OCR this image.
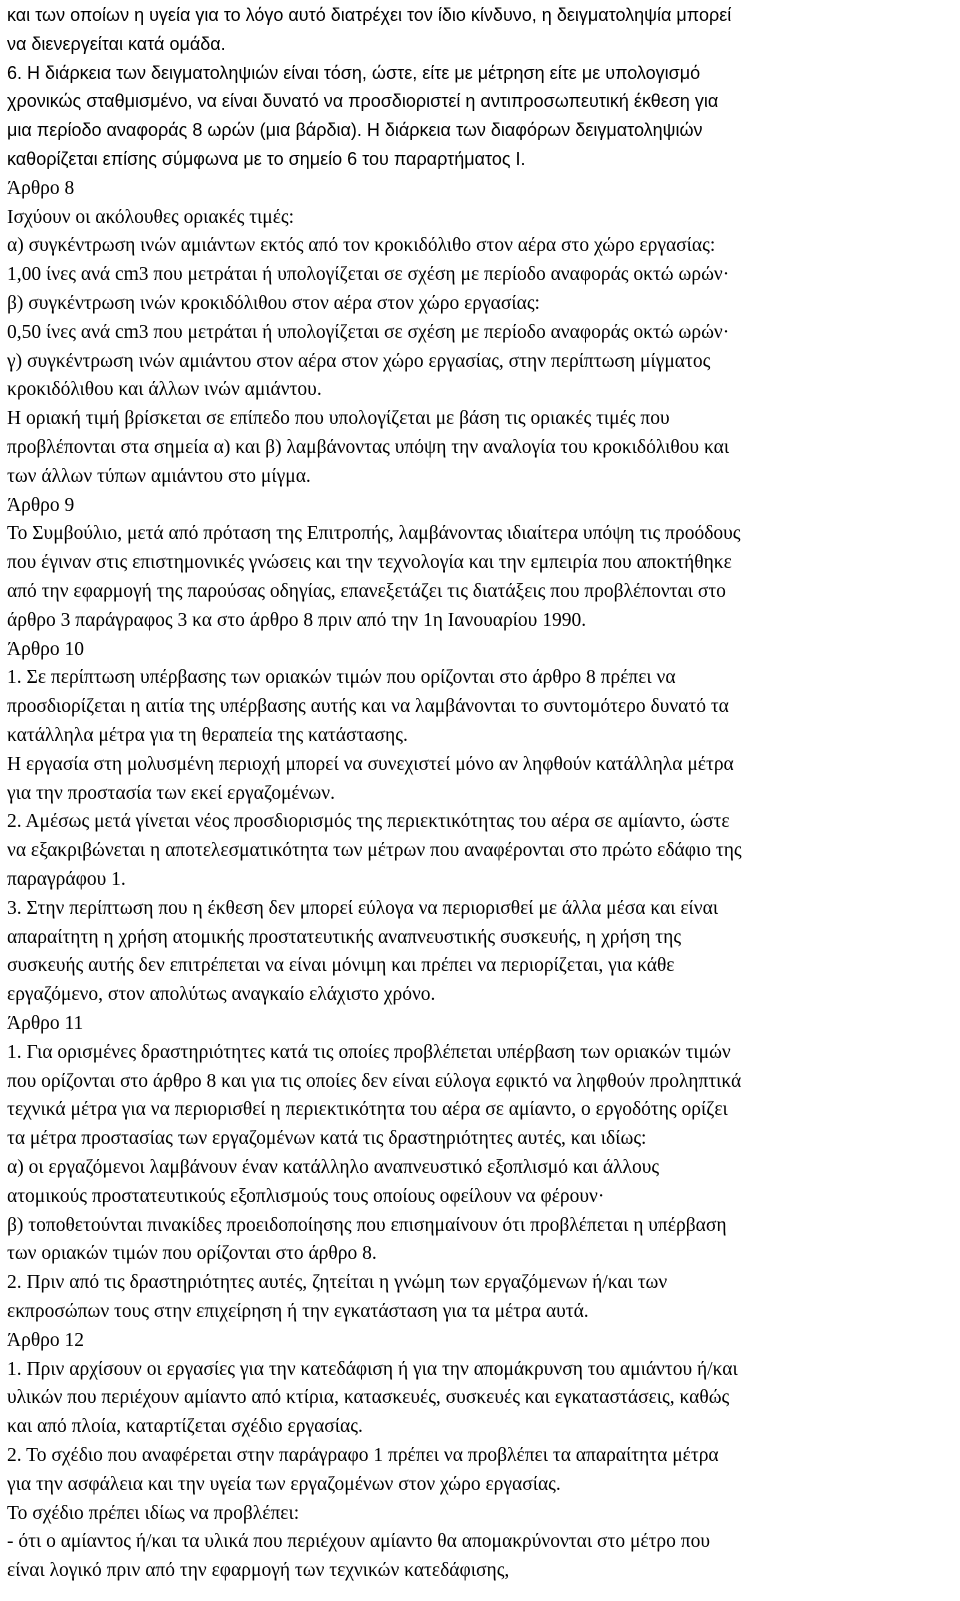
και των οποίων η υγεία για το λόγο αυτό διατρέχει τον ίδιο κίνδυνο, η δειγματοληψία μπορεί
να διενεργείται κατά ομάδα.
6. Η διάρκεια των δειγματοληψιών είναι τόση, ώστε, είτε με μέτρηση είτε με υπολογισμό
χρονικώς σταθμισμένο, να είναι δυνατό να προσδιοριστεί η αντιπροσωπευτική έκθεση για
μια περίοδο αναφοράς 8 ωρών (μια βάρδια). Η διάρκεια των διαφόρων δειγματοληψιών
καθορίζεται επίσης σύμφωνα με το σημείο 6 του παραρτήματος Ι.
Άρθρο 8
Ισχύουν οι ακόλουθες οριακές τιμές:
α) συγκέντρωση ινών αμιάντων εκτός από τον κροκιδόλιθο στον αέρα στο χώρο εργασίας:
1,00 ίνες ανά cm3 που μετράται ή υπολογίζεται σε σχέση με περίοδο αναφοράς οκτώ ωρών·
β) συγκέντρωση ινών κροκιδόλιθου στον αέρα στον χώρο εργασίας:
0,50 ίνες ανά cm3 που μετράται ή υπολογίζεται σε σχέση με περίοδο αναφοράς οκτώ ωρών·
γ) συγκέντρωση ινών αμιάντου στον αέρα στον χώρο εργασίας, στην περίπτωση μίγματος
κροκιδόλιθου και άλλων ινών αμιάντου.
Η οριακή τιμή βρίσκεται σε επίπεδο που υπολογίζεται με βάση τις οριακές τιμές που
προβλέπονται στα σημεία α) και β) λαμβάνοντας υπόψη την αναλογία του κροκιδόλιθου και
των άλλων τύπων αμιάντου στο μίγμα.
Άρθρο 9
Το Συμβούλιο, μετά από πρόταση της Επιτροπής, λαμβάνοντας ιδιαίτερα υπόψη τις προόδους
που έγιναν στις επιστημονικές γνώσεις και την τεχνολογία και την εμπειρία που αποκτήθηκε
από την εφαρμογή της παρούσας οδηγίας, επανεξετάζει τις διατάξεις που προβλέπονται στο
άρθρο 3 παράγραφος 3 κα στο άρθρο 8 πριν από την 1η Ιανουαρίου 1990.
Άρθρο 10
1. Σε περίπτωση υπέρβασης των οριακών τιμών που ορίζονται στο άρθρο 8 πρέπει να
προσδιορίζεται η αιτία της υπέρβασης αυτής και να λαμβάνονται το συντομότερο δυνατό τα
κατάλληλα μέτρα για τη θεραπεία της κατάστασης.
Η εργασία στη μολυσμένη περιοχή μπορεί να συνεχιστεί μόνο αν ληφθούν κατάλληλα μέτρα
για την προστασία των εκεί εργαζομένων.
2. Αμέσως μετά γίνεται νέος προσδιορισμός της περιεκτικότητας του αέρα σε αμίαντο, ώστε
να εξακριβώνεται η αποτελεσματικότητα των μέτρων που αναφέρονται στο πρώτο εδάφιο της
παραγράφου 1.
3. Στην περίπτωση που η έκθεση δεν μπορεί εύλογα να περιορισθεί με άλλα μέσα και είναι
απαραίτητη η χρήση ατομικής προστατευτικής αναπνευστικής συσκευής, η χρήση της
συσκευής αυτής δεν επιτρέπεται να είναι μόνιμη και πρέπει να περιορίζεται, για κάθε
εργαζόμενο, στον απολύτως αναγκαίο ελάχιστο χρόνο.
Άρθρο 11
1. Για ορισμένες δραστηριότητες κατά τις οποίες προβλέπεται υπέρβαση των οριακών τιμών
που ορίζονται στο άρθρο 8 και για τις οποίες δεν είναι εύλογα εφικτό να ληφθούν προληπτικά
τεχνικά μέτρα για να περιορισθεί η περιεκτικότητα του αέρα σε αμίαντο, ο εργοδότης ορίζει
τα μέτρα προστασίας των εργαζομένων κατά τις δραστηριότητες αυτές, και ιδίως:
α) οι εργαζόμενοι λαμβάνουν έναν κατάλληλο αναπνευστικό εξοπλισμό και άλλους
ατομικούς προστατευτικούς εξοπλισμούς τους οποίους οφείλουν να φέρουν·
β) τοποθετούνται πινακίδες προειδοποίησης που επισημαίνουν ότι προβλέπεται η υπέρβαση
των οριακών τιμών που ορίζονται στο άρθρο 8.
2. Πριν από τις δραστηριότητες αυτές, ζητείται η γνώμη των εργαζόμενων ή/και των
εκπροσώπων τους στην επιχείρηση ή την εγκατάσταση για τα μέτρα αυτά.
Άρθρο 12
1. Πριν αρχίσουν οι εργασίες για την κατεδάφιση ή για την απομάκρυνση του αμιάντου ή/και
υλικών που περιέχουν αμίαντο από κτίρια, κατασκευές, συσκευές και εγκαταστάσεις, καθώς
και από πλοία, καταρτίζεται σχέδιο εργασίας.
2. Το σχέδιο που αναφέρεται στην παράγραφο 1 πρέπει να προβλέπει τα απαραίτητα μέτρα
για την ασφάλεια και την υγεία των εργαζομένων στον χώρο εργασίας.
Το σχέδιο πρέπει ιδίως να προβλέπει:
- ότι ο αμίαντος ή/και τα υλικά που περιέχουν αμίαντο θα απομακρύνονται στο μέτρο που
είναι λογικό πριν από την εφαρμογή των τεχνικών κατεδάφισης,
